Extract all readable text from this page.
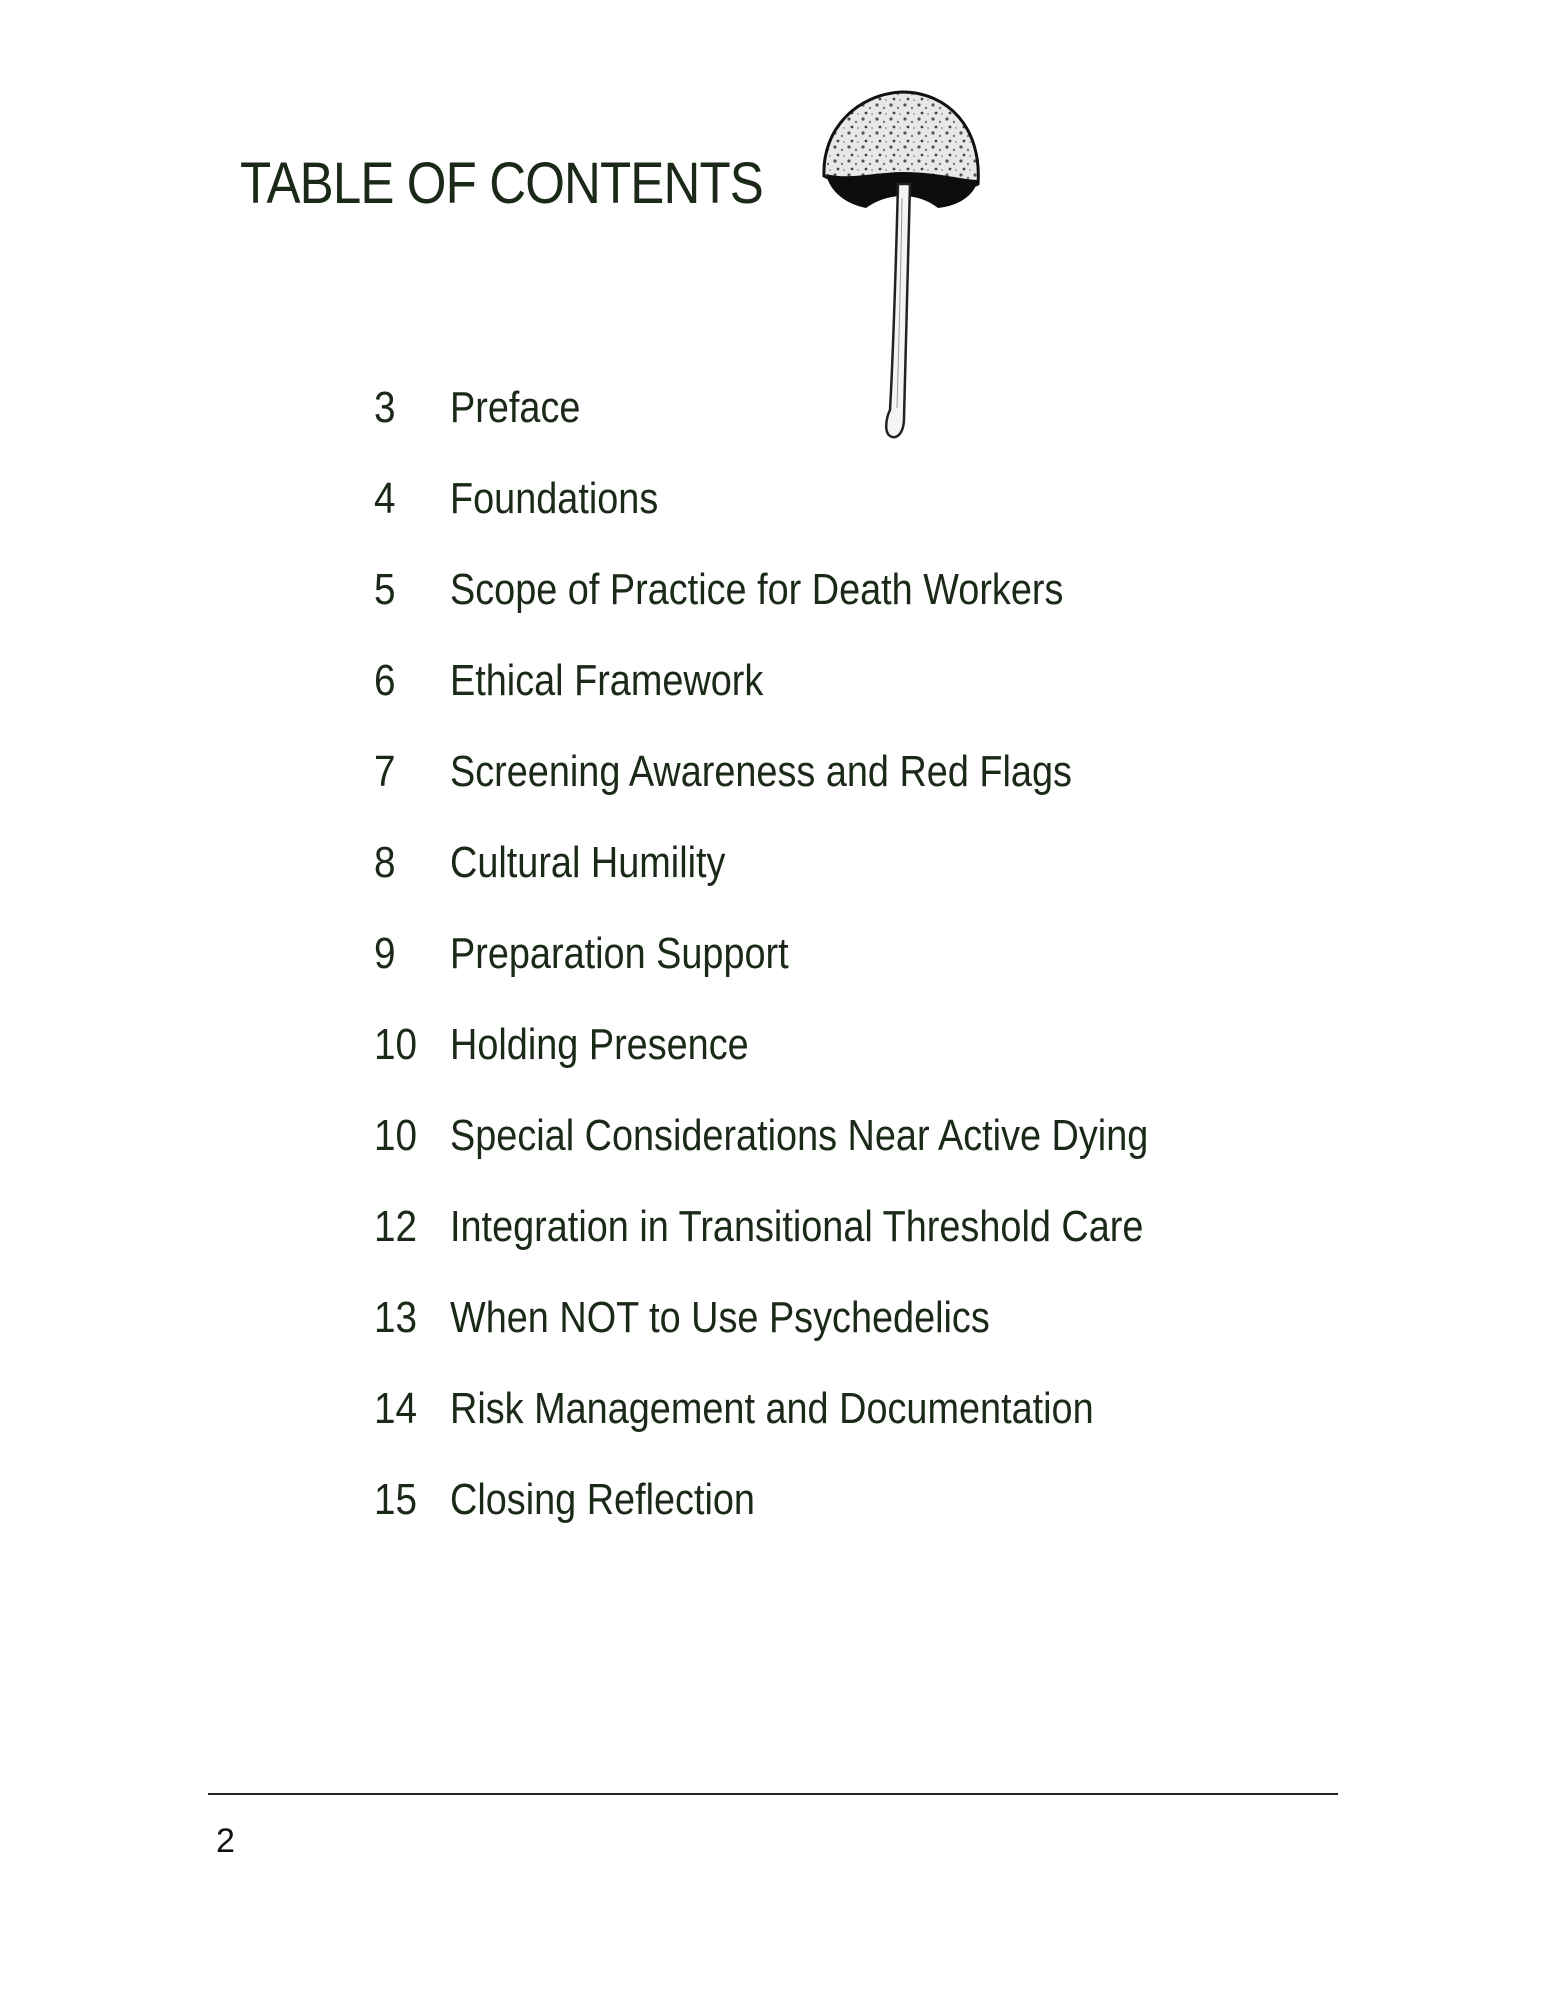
TABLE OF CONTENTS
3	Preface
4	Foundations
5	Scope of Practice for Death Workers
6	Ethical Framework
7	Screening Awareness and Red Flags
8	Cultural Humility
9	Preparation Support
10 Holding Presence
10 Special Considerations Near Active Dying
12 Integration in Transitional Threshold Care
13 When NOT to Use Psychedelics
14 Risk Management and Documentation
15 Closing Reflection
2
